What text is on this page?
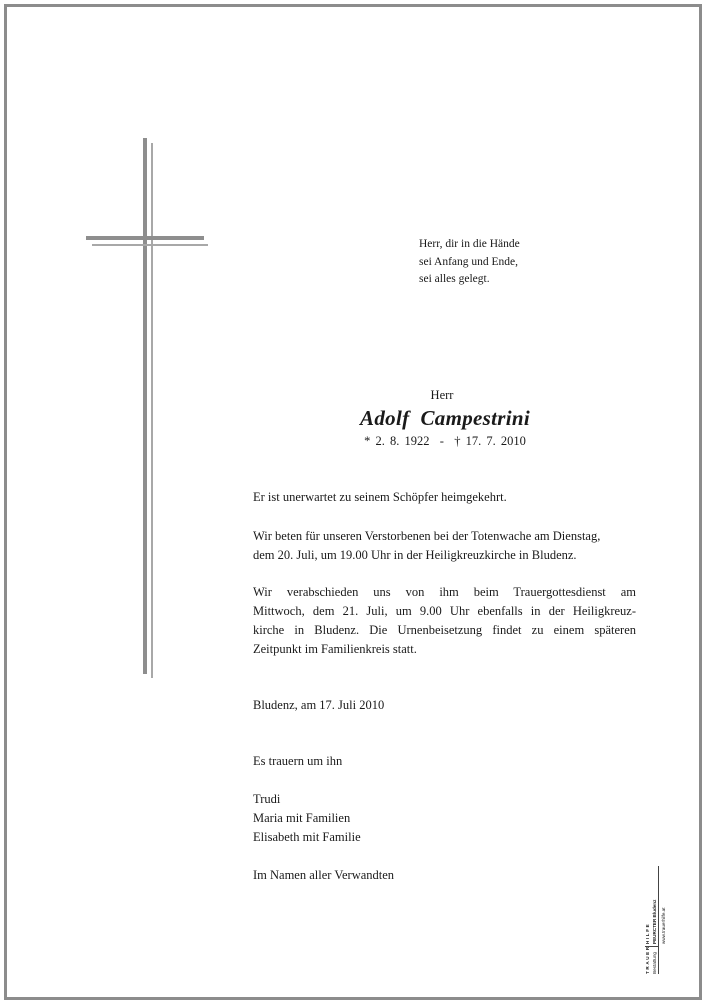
Herr, dir in die Hände
sei Anfang und Ende,
sei alles gelegt.
Herr
Adolf  Campestrini
* 2. 8. 1922  -  † 17. 7. 2010
Er ist unerwartet zu seinem Schöpfer heimgekehrt.
Wir beten für unseren Verstorbenen bei der Totenwache am Dienstag,
dem 20. Juli, um 19.00 Uhr in der Heiligkreuzkirche in Bludenz.
Wir verabschieden uns von ihm beim Trauergottesdienst am
Mittwoch, dem 21. Juli, um 9.00 Uhr ebenfalls in der Heiligkreuz-
kirche in Bludenz. Die Urnenbeisetzung findet zu einem späteren
Zeitpunkt im Familienkreis statt.
Bludenz, am 17. Juli 2010
Es trauern um ihn
Trudi
Maria mit Familien
Elisabeth mit Familie
Im Namen aller Verwandten
TRAUER
HILFE
Bestattung
PEURCTER Bludenz www.trauerhilfe.at
